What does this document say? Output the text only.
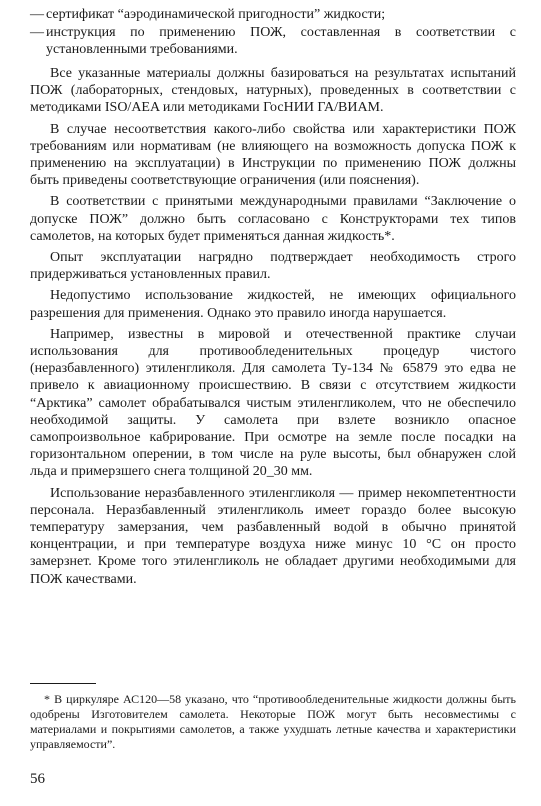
— сертификат “аэродинамической пригодности” жидкости;
— инструкция по применению ПОЖ, составленная в соответствии с установленными требованиями.

Все указанные материалы должны базироваться на результатах испытаний ПОЖ (лабораторных, стендовых, натурных), проведенных в соответствии с методиками ISO/AEA или методиками ГосНИИ ГА/ВИАМ.

В случае несоответствия какого-либо свойства или характеристики ПОЖ требованиям или нормативам (не влияющего на возможность допуска ПОЖ к применению на эксплуатации) в Инструкции по применению ПОЖ должны быть приведены соответствующие ограничения (или пояснения).

В соответствии с принятыми международными правилами “Заключение о допуске ПОЖ” должно быть согласовано с Конструкторами тех типов самолетов, на которых будет применяться данная жидкость*.

Опыт эксплуатации нагрядно подтверждает необходимость строго придерживаться установленных правил.

Недопустимо использование жидкостей, не имеющих официального разрешения для применения. Однако это правило иногда нарушается.

Например, известны в мировой и отечественной практике случаи использования для противообледенительных процедур чистого (неразбавленного) этиленгликоля. Для самолета Ту-134 № 65879 это едва не привело к авиационному происшествию. В связи с отсутствием жидкости “Арктика” самолет обрабатывался чистым этиленгликолем, что не обеспечило необходимой защиты. У самолета при взлете возникло опасное самопроизвольное кабрирование. При осмотре на земле после посадки на горизонтальном оперении, в том числе на руле высоты, был обнаружен слой льда и примерзшего снега толщиной 20_30 мм.

Использование неразбавленного этиленгликоля — пример некомпетентности персонала. Неразбавленный этиленгликоль имеет гораздо более высокую температуру замерзания, чем разбавленный водой в обычно принятой концентрации, и при температуре воздуха ниже минус 10 °С он просто замерзнет. Кроме того этиленгликоль не обладает другими необходимыми для ПОЖ качествами.

* В циркуляре АС120—58 указано, что “противообледенительные жидкости должны быть одобрены Изготовителем самолета. Некоторые ПОЖ могут быть несовместимы с материалами и покрытиями самолетов, а также ухудшать летные качества и характеристики управляемости”.

56
